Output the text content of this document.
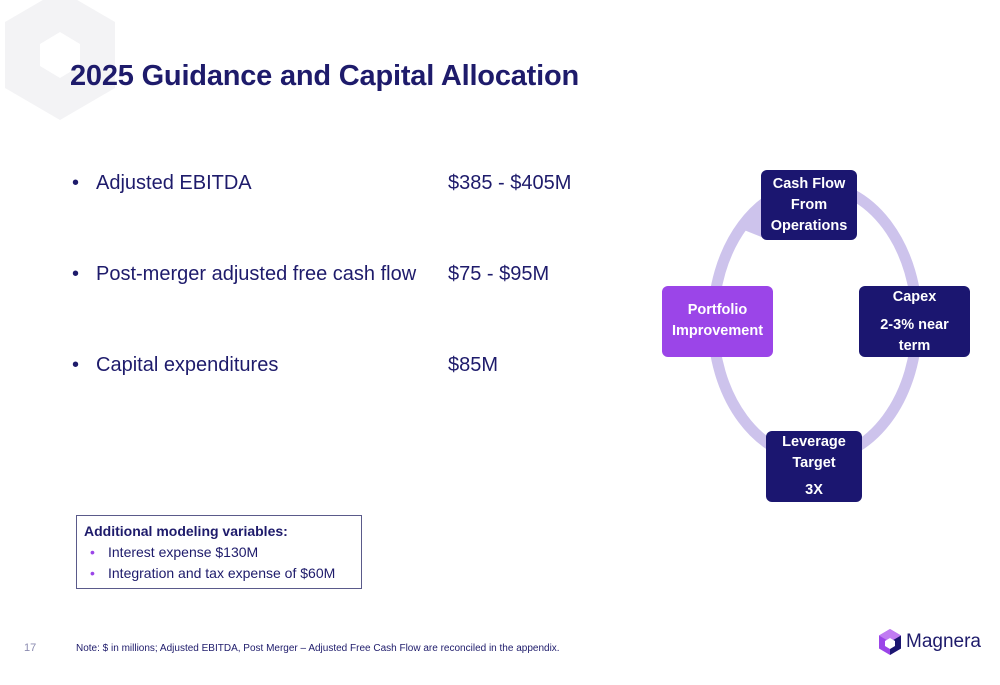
2025 Guidance and Capital Allocation
• Adjusted EBITDA	$385 - $405M
• Post-merger adjusted free cash flow $75 - $95M
• Capital expenditures	$85M
Cash Flow
From
Operations
Capex
2-3% near
term
Leverage
Target
3X
Portfolio
Improvement
Additional modeling variables:
• Interest expense $130M
• Integration and tax expense of $60M
17	Note: $ in millions; Adjusted EBITDA, Post Merger – Adjusted Free Cash Flow are reconciled in the appendix.	Magnera
